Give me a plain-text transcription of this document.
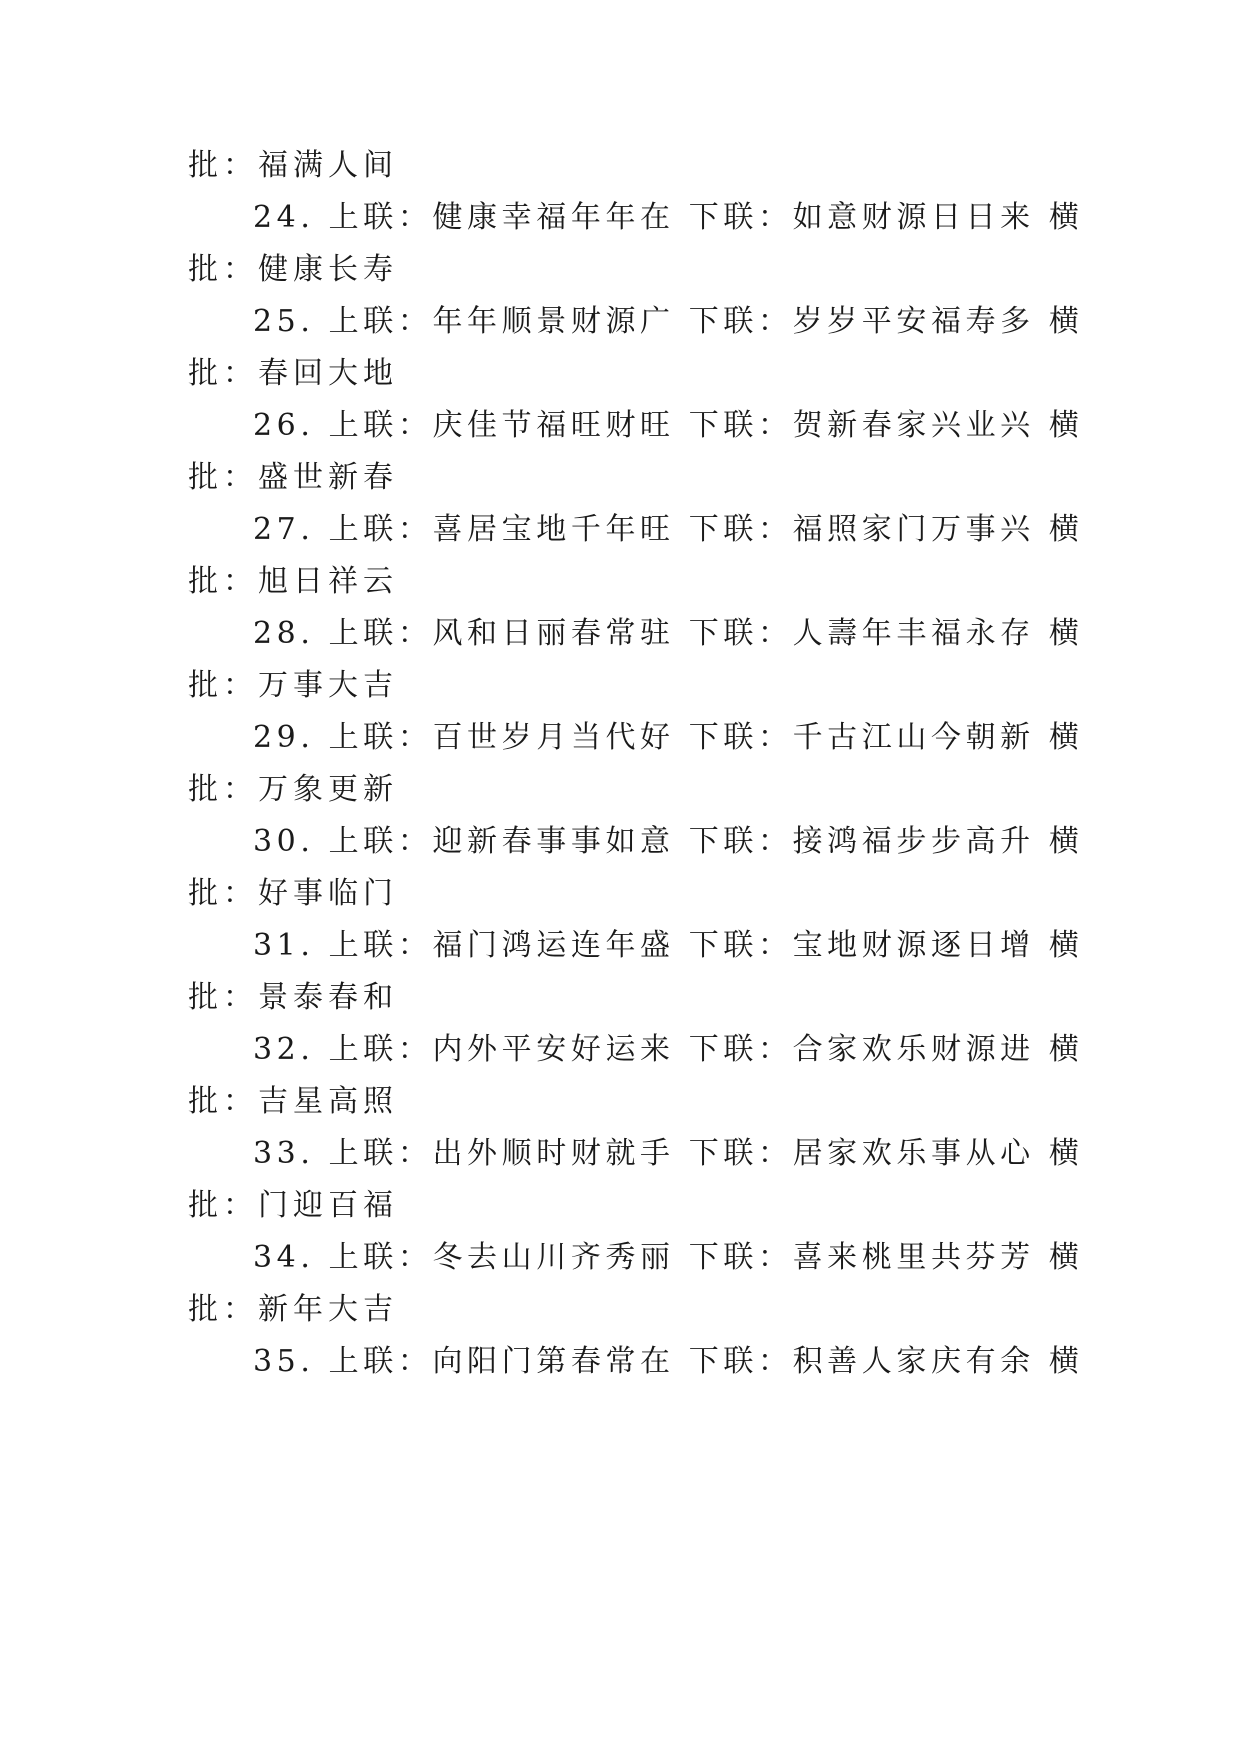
批：福满人间
24. 上联：健康幸福年年在 下联：如意财源日日来 横
批：健康长寿
25. 上联：年年顺景财源广 下联：岁岁平安福寿多 横
批：春回大地
26. 上联：庆佳节福旺财旺 下联：贺新春家兴业兴 横
批：盛世新春
27. 上联：喜居宝地千年旺 下联：福照家门万事兴 横
批：旭日祥云
28. 上联：风和日丽春常驻 下联：人壽年丰福永存 横
批：万事大吉
29. 上联：百世岁月当代好 下联：千古江山今朝新 横
批：万象更新
30. 上联：迎新春事事如意 下联：接鸿福步步高升 横
批：好事临门
31. 上联：福门鸿运连年盛 下联：宝地财源逐日增 横
批：景泰春和
32. 上联：内外平安好运来 下联：合家欢乐财源进 横
批：吉星高照
33. 上联：出外顺时财就手 下联：居家欢乐事从心 横
批：门迎百福
34. 上联：冬去山川齐秀丽 下联：喜来桃里共芬芳 横
批：新年大吉
35. 上联：向阳门第春常在 下联：积善人家庆有余 横
